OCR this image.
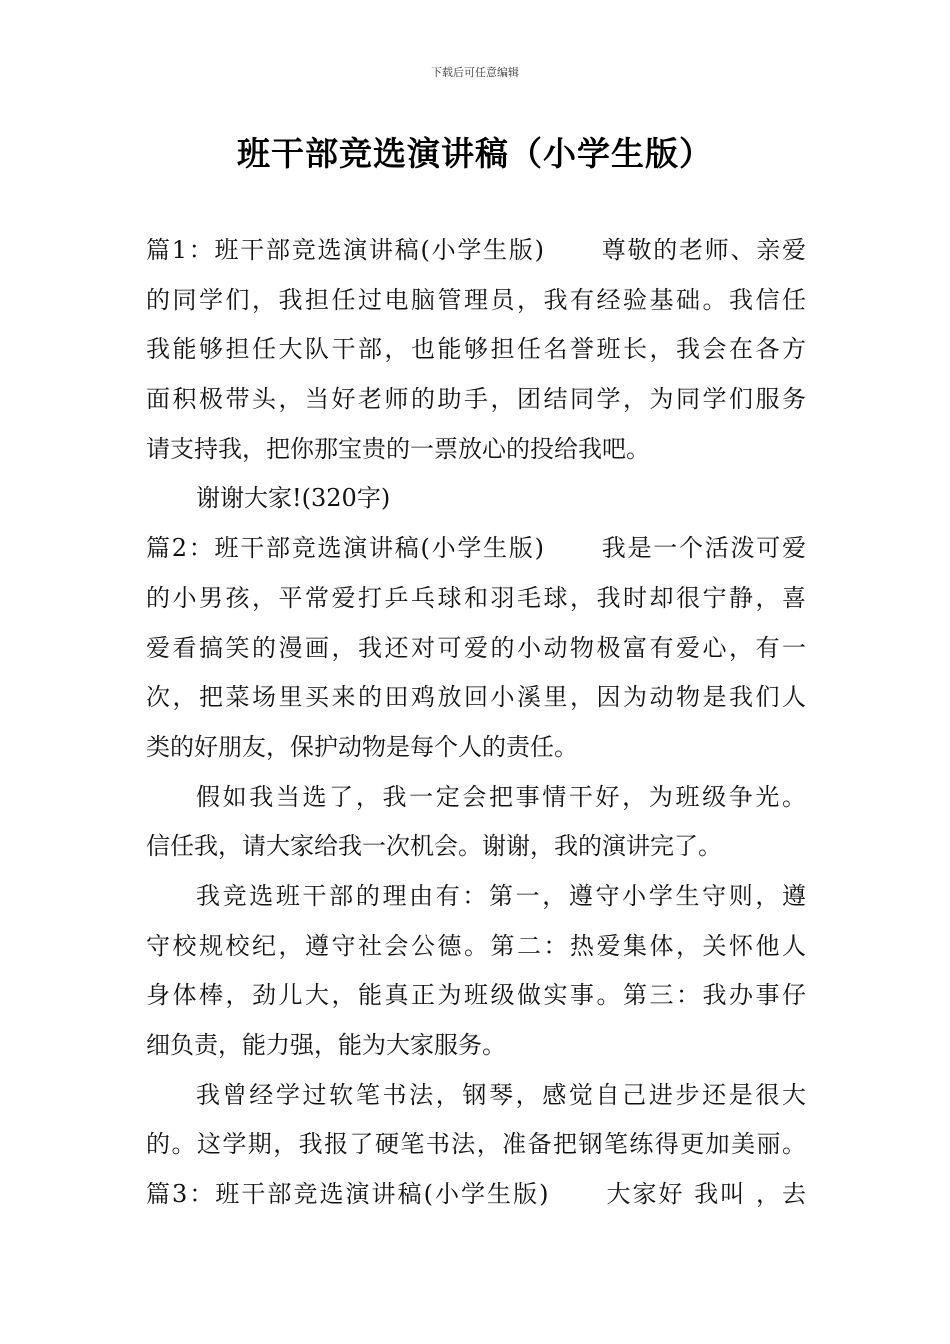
下载后可任意编辑
班干部竞选演讲稿（小学生版）
篇1：班干部竞选演讲稿(小学生版) 尊敬的老师、亲爱
的同学们，我担任过电脑管理员，我有经验基础。我信任
我能够担任大队干部，也能够担任名誉班长，我会在各方
面积极带头，当好老师的助手，团结同学，为同学们服务
请支持我，把你那宝贵的一票放心的投给我吧。
谢谢大家!(320字)
篇2：班干部竞选演讲稿(小学生版) 我是一个活泼可爱
的小男孩，平常爱打乒乓球和羽毛球，我时却很宁静，喜
爱看搞笑的漫画，我还对可爱的小动物极富有爱心，有一
次，把菜场里买来的田鸡放回小溪里，因为动物是我们人
类的好朋友，保护动物是每个人的责任。
假如我当选了，我一定会把事情干好，为班级争光。
信任我，请大家给我一次机会。谢谢，我的演讲完了。
我竞选班干部的理由有：第一，遵守小学生守则，遵
守校规校纪，遵守社会公德。第二：热爱集体，关怀他人
身体棒，劲儿大，能真正为班级做实事。第三：我办事仔
细负责，能力强，能为大家服务。
我曾经学过软笔书法，钢琴，感觉自己进步还是很大
的。这学期，我报了硬笔书法，准备把钢笔练得更加美丽。
篇3：班干部竞选演讲稿(小学生版) 大家好 我叫 ，去
